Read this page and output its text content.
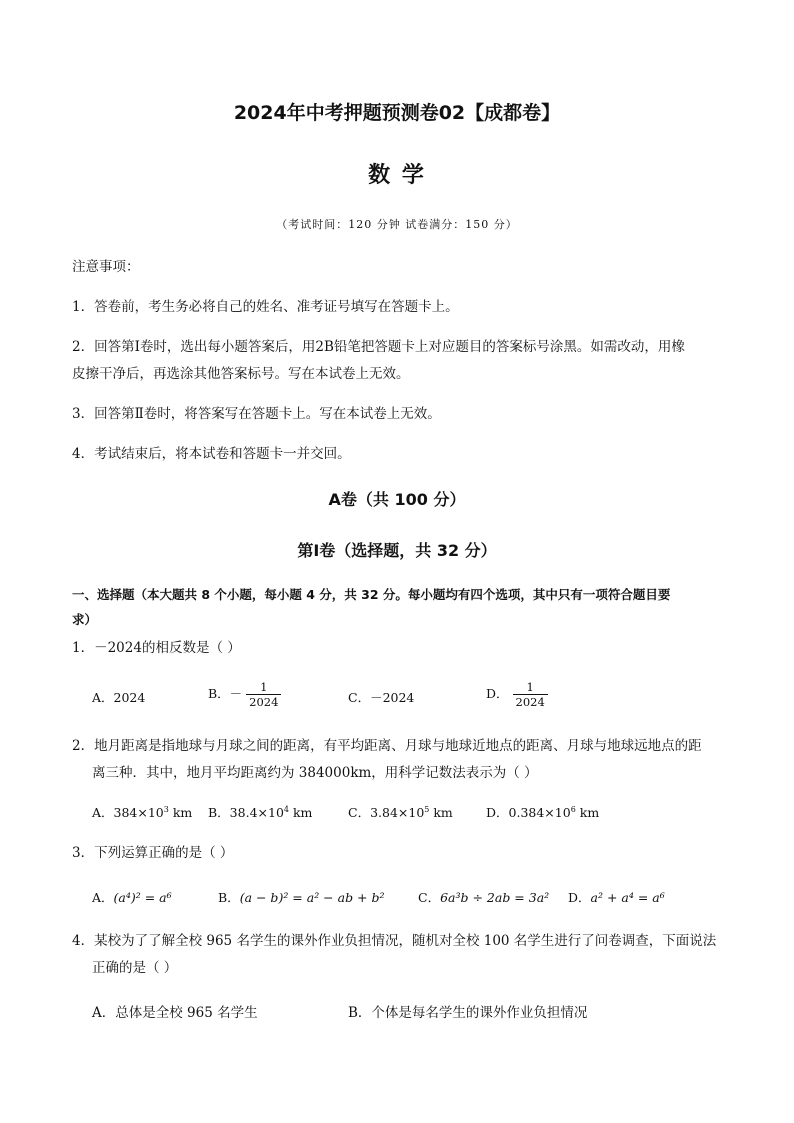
2024年中考押题预测卷02【成都卷】
数 学
（考试时间：120 分钟 试卷满分：150 分）
注意事项：
1．答卷前，考生务必将自己的姓名、准考证号填写在答题卡上。
2．回答第Ⅰ卷时，选出每小题答案后，用2B铅笔把答题卡上对应题目的答案标号涂黑。如需改动，用橡
皮擦干净后，再选涂其他答案标号。写在本试卷上无效。
3．回答第Ⅱ卷时，将答案写在答题卡上。写在本试卷上无效。
4．考试结束后，将本试卷和答题卡一并交回。
A卷（共 100 分）
第Ⅰ卷（选择题，共 32 分）
一、选择题（本大题共 8 个小题，每小题 4 分，共 32 分。每小题均有四个选项，其中只有一项符合题目要
求）
1．－2024的相反数是（ ）
A．2024	B．－ $\frac{1}{2024}$	C．－2024	D． $\frac{1}{2024}$
2．地月距离是指地球与月球之间的距离，有平均距离、月球与地球近地点的距离、月球与地球远地点的距
离三种．其中，地月平均距离约为 384000km，用科学记数法表示为（ ）
A．$384\times 10^3$ km B．$38.4\times 10^4$ km	C．$3.84\times 10^5$ km	D．$0.384\times 10^6$ km
3．下列运算正确的是（ ）
A．(a⁴)² = a⁶	B．(a − b)² = a² − ab + b²	C．6a³b ÷ 2ab = 3a² D．a² + a⁴ = a⁶
4．某校为了了解全校 965 名学生的课外作业负担情况，随机对全校 100 名学生进行了问卷调查，下面说法
正确的是（ ）
A．总体是全校 965 名学生	B．个体是每名学生的课外作业负担情况
